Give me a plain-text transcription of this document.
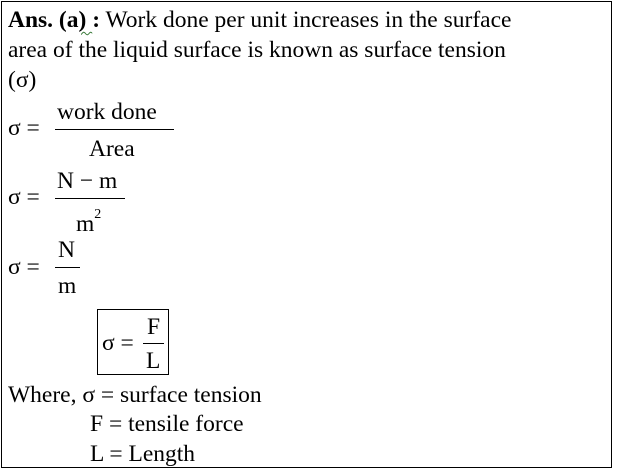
Ans. (a) : Work done per unit increases in the surface
area of the liquid surface is known as surface tension
(σ)
σ =
work done
Area
σ =
N − m
$m^2$
σ =
N
m
σ =
F
L
Where, σ = surface tension
F = tensile force
L = Length
